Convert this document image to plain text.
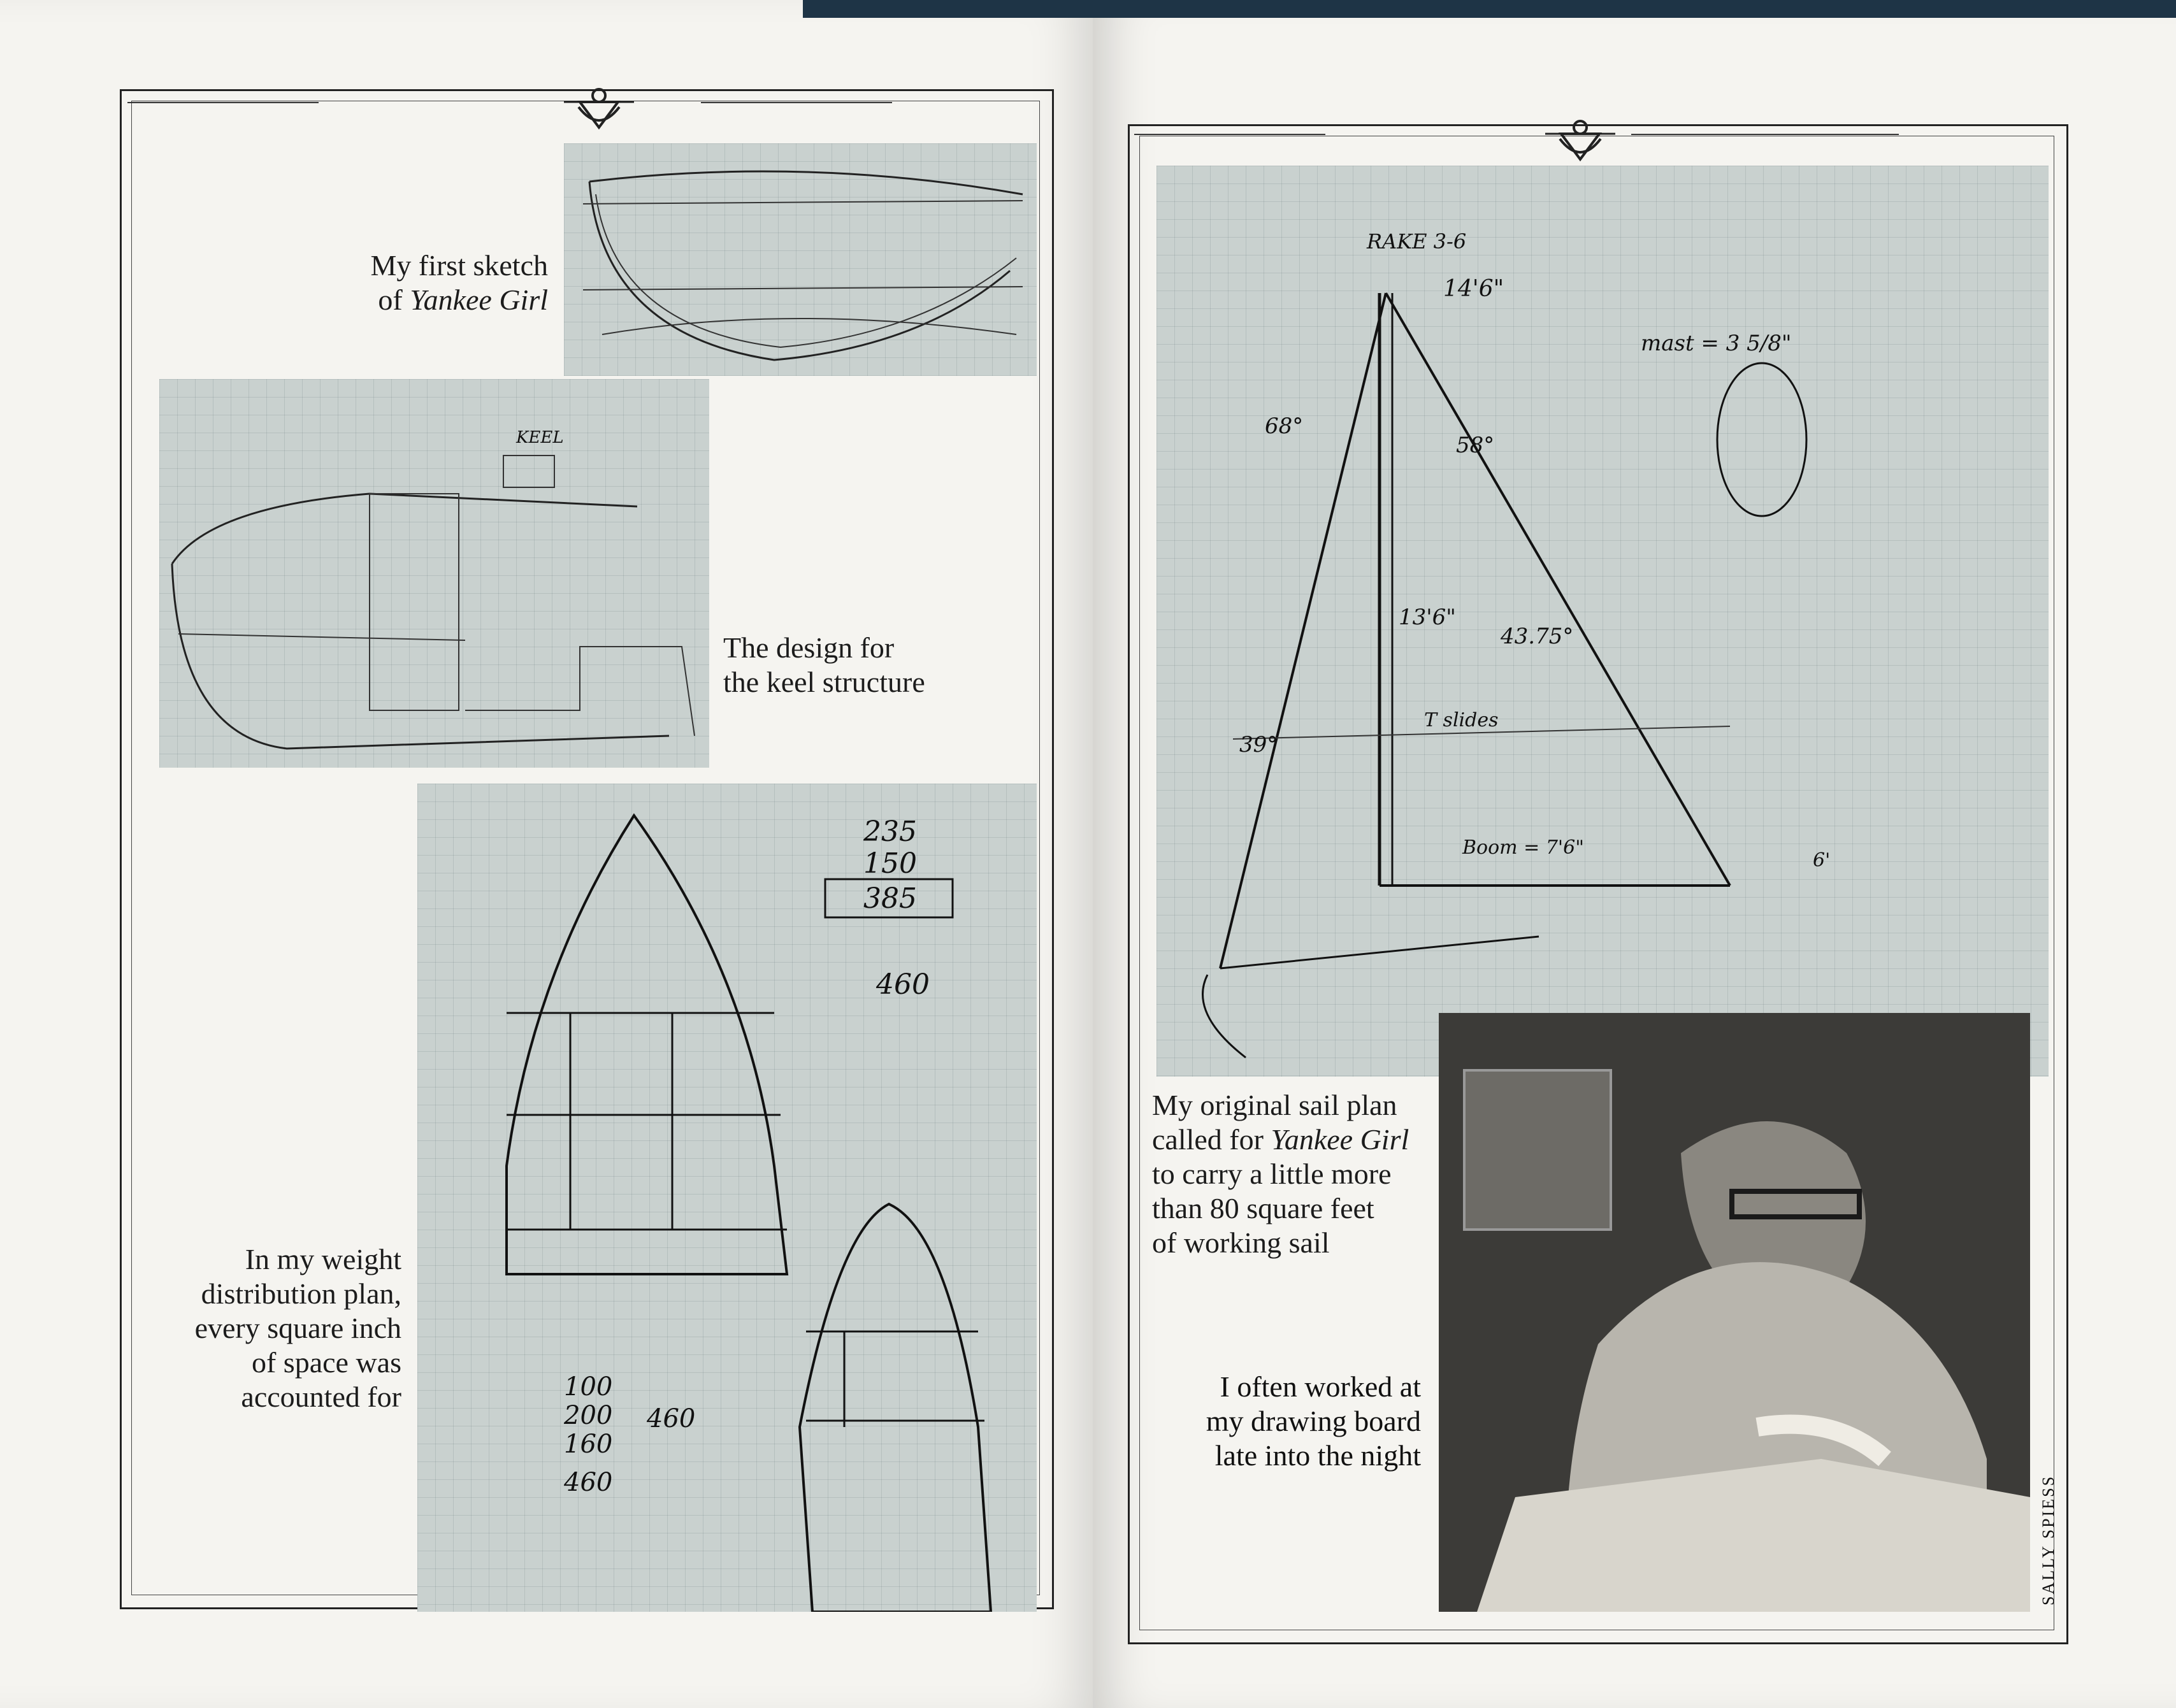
My first sketch
of Yankee Girl
KEEL
The design for
the keel structure
235
150
385
460
100
200
160
460
460
In my weight
distribution plan,
every square inch
of space was
accounted for
RAKE 3-6
14'6"
mast = 3 5/8"
68°
58°
13'6"
43.75°
39°
T slides
Boom = 7'6"
6'
My original sail plan
called for Yankee Girl
to carry a little more
than 80 square feet
of working sail
I often worked at
my drawing board
late into the night
SALLY SPIESS
